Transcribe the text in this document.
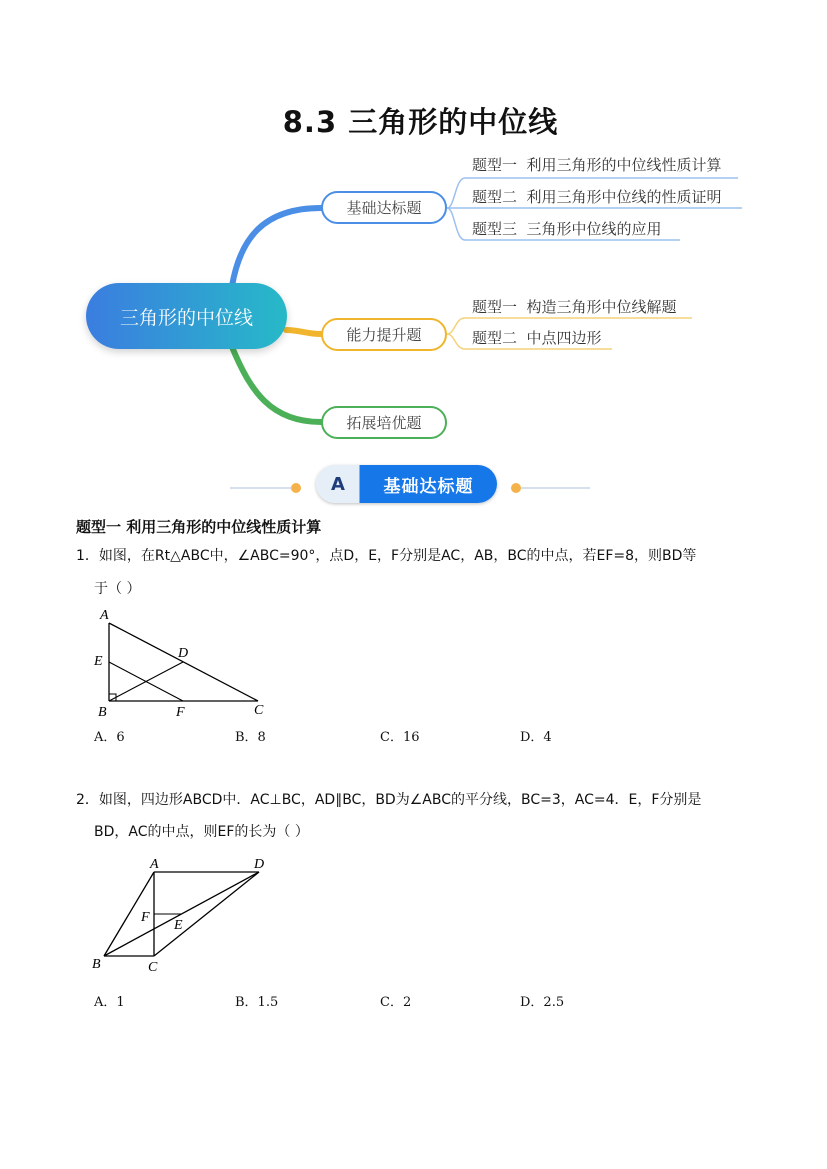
8.3 三角形的中位线
三角形的中位线
基础达标题
能力提升题
拓展培优题
题型一  利用三角形的中位线性质计算
题型二  利用三角形中位线的性质证明
题型三  三角形中位线的应用
题型一  构造三角形中位线解题
题型二  中点四边形
A	基础达标题
题型一 利用三角形的中位线性质计算
1．如图，在Rt△ABC中，∠ABC=90°，点D，E，F分别是AC，AB，BC的中点，若EF=8，则BD等
于（ ）
A
E
D
B	F	C
A．6	B．8	C．16	D．4
2．如图，四边形ABCD中．AC⊥BC，AD∥BC，BD为∠ABC的平分线，BC=3，AC=4．E，F分别是
BD，AC的中点，则EF的长为（ ）
A	D
F
E
B	C
A．1	B．1.5	C．2	D．2.5
